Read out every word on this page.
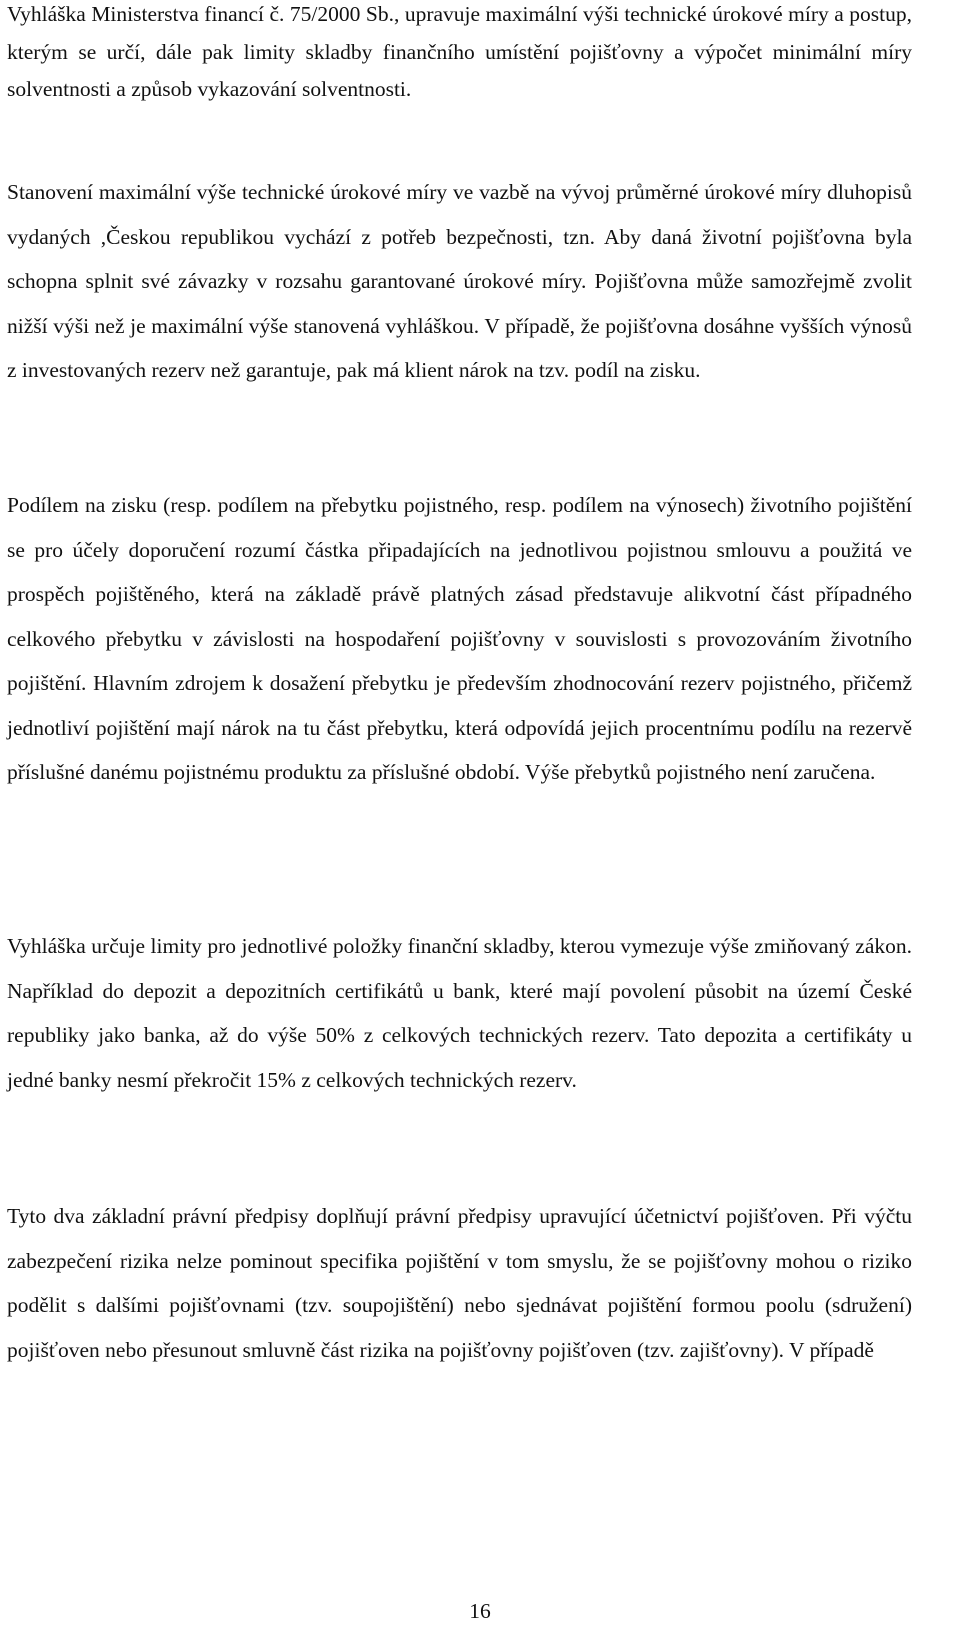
Vyhláška Ministerstva financí č. 75/2000 Sb., upravuje maximální výši technické úrokové míry a postup, kterým se určí, dále pak limity skladby finančního umístění pojišťovny a výpočet minimální míry solventnosti a způsob vykazování solventnosti.

Stanovení maximální výše technické úrokové míry ve vazbě na vývoj průměrné úrokové míry dluhopisů vydaných ,Českou republikou vychází z potřeb bezpečnosti, tzn. Aby daná životní pojišťovna byla schopna splnit své závazky v rozsahu garantované úrokové míry. Pojišťovna může samozřejmě zvolit nižší výši než je maximální výše stanovená vyhláškou. V případě, že pojišťovna dosáhne vyšších výnosů z investovaných rezerv než garantuje, pak má klient nárok na tzv. podíl na zisku.

Podílem na zisku (resp. podílem na přebytku pojistného, resp. podílem na výnosech) životního pojištění se pro účely doporučení rozumí částka připadajících na jednotlivou pojistnou smlouvu a použitá ve prospěch pojištěného, která na základě právě platných zásad představuje alikvotní část případného celkového přebytku v závislosti na hospodaření pojišťovny v souvislosti s provozováním životního pojištění. Hlavním zdrojem k dosažení přebytku je především zhodnocování rezerv pojistného, přičemž jednotliví pojištění mají nárok na tu část přebytku, která odpovídá jejich procentnímu podílu na rezervě příslušné danému pojistnému produktu za příslušné období. Výše přebytků pojistného není zaručena.

Vyhláška určuje limity pro jednotlivé položky finanční skladby, kterou vymezuje výše zmiňovaný zákon. Například do depozit a depozitních certifikátů u bank, které mají povolení působit na území České republiky jako banka, až do výše 50% z celkových technických rezerv. Tato depozita a certifikáty u jedné banky nesmí překročit 15% z celkových technických rezerv.

Tyto dva základní právní předpisy doplňují právní předpisy upravující účetnictví pojišťoven. Při výčtu zabezpečení rizika nelze pominout specifika pojištění v tom smyslu, že se pojišťovny mohou o riziko podělit s dalšími pojišťovnami (tzv. soupojištění) nebo sjednávat pojištění formou poolu (sdružení) pojišťoven nebo přesunout smluvně část rizika na pojišťovny pojišťoven (tzv. zajišťovny). V případě

16
